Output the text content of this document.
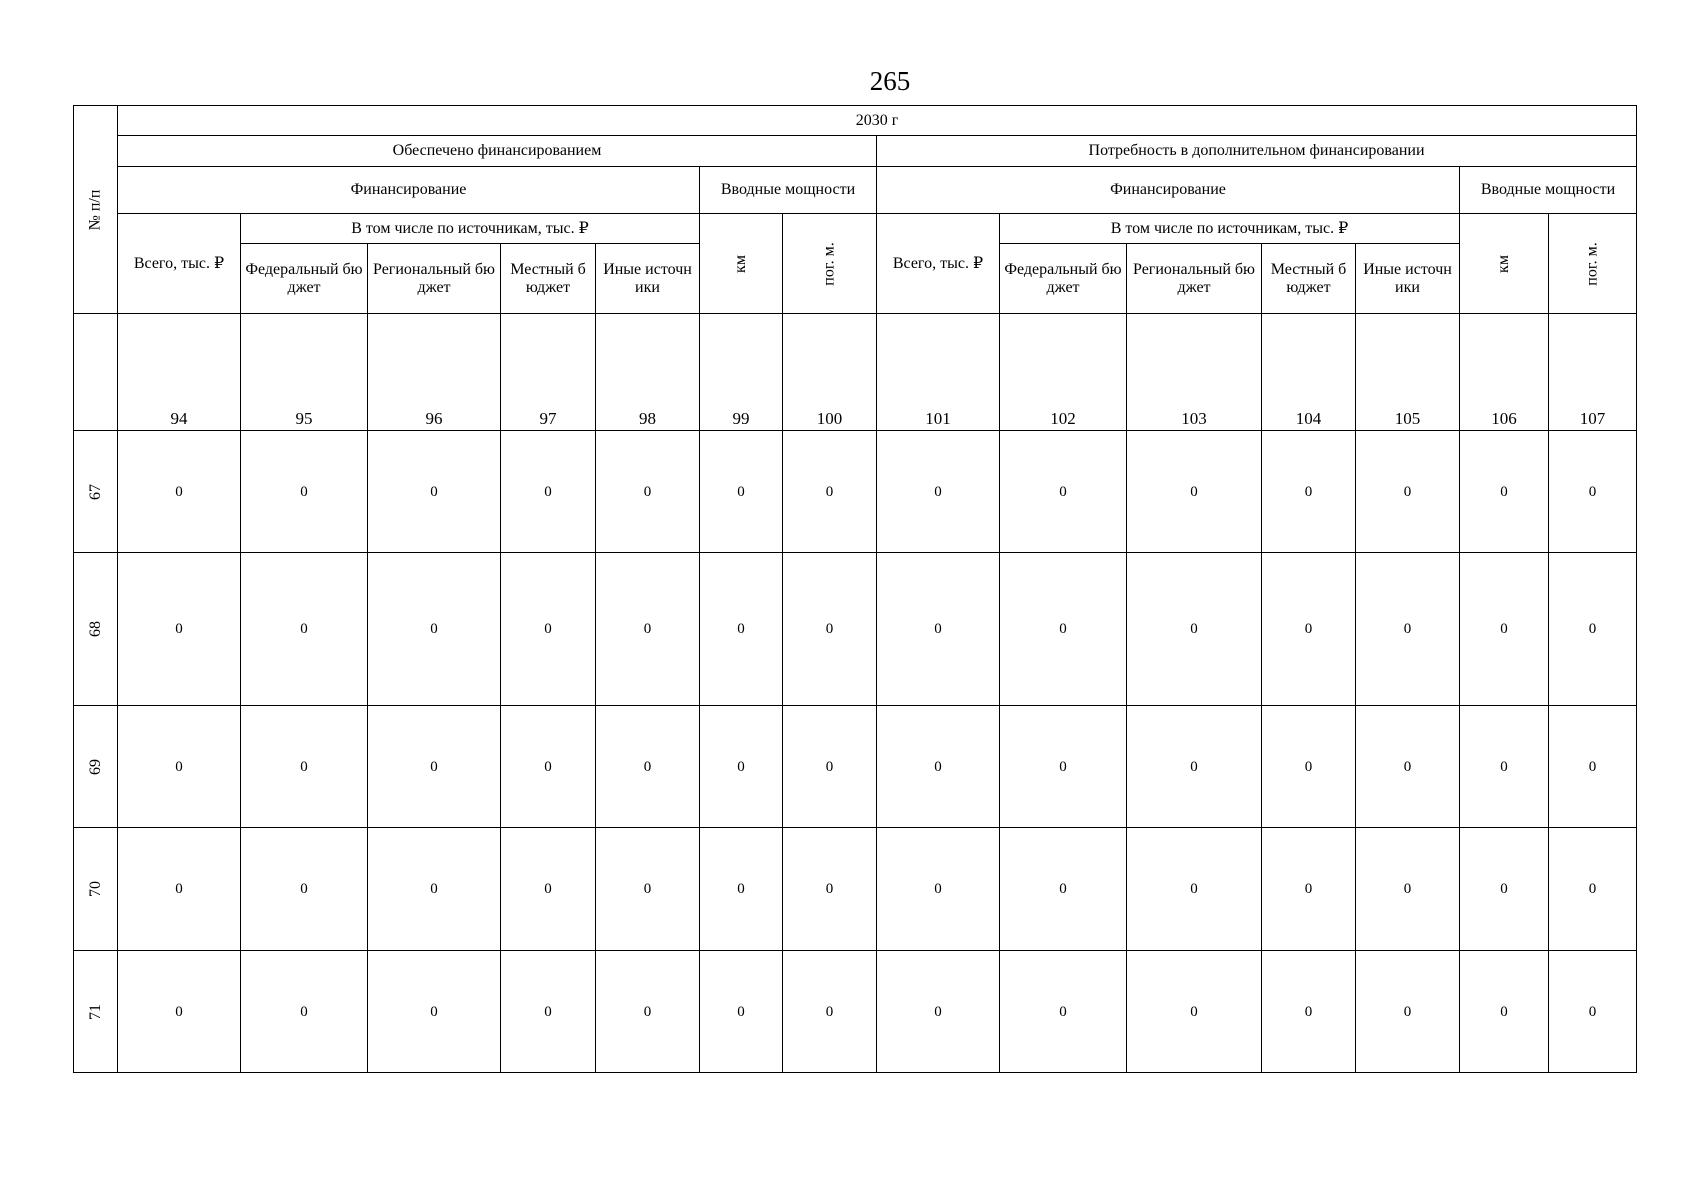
265
№ п/п	2030 г													
	Обеспечено финансированием							Потребность в дополнительном финансировании						
	Финансирование					Вводные мощности		Финансирование					Вводные мощности	
	Всего, тыс. ₽	В том числе по источникам, тыс. ₽				км	пог. м.	Всего, тыс. ₽	В том числе по источникам, тыс. ₽				км	пог. м.
		Федеральный бюджет	Региональный бюджет	Местный бюджет	Иные источники				Федеральный бюджет	Региональный бюджет	Местный бюджет	Иные источники		
	94	95	96	97	98	99	100	101	102	103	104	105	106	107
67	0	0	0	0	0	0	0	0	0	0	0	0	0	0
68	0	0	0	0	0	0	0	0	0	0	0	0	0	0
69	0	0	0	0	0	0	0	0	0	0	0	0	0	0
70	0	0	0	0	0	0	0	0	0	0	0	0	0	0
71	0	0	0	0	0	0	0	0	0	0	0	0	0	0
